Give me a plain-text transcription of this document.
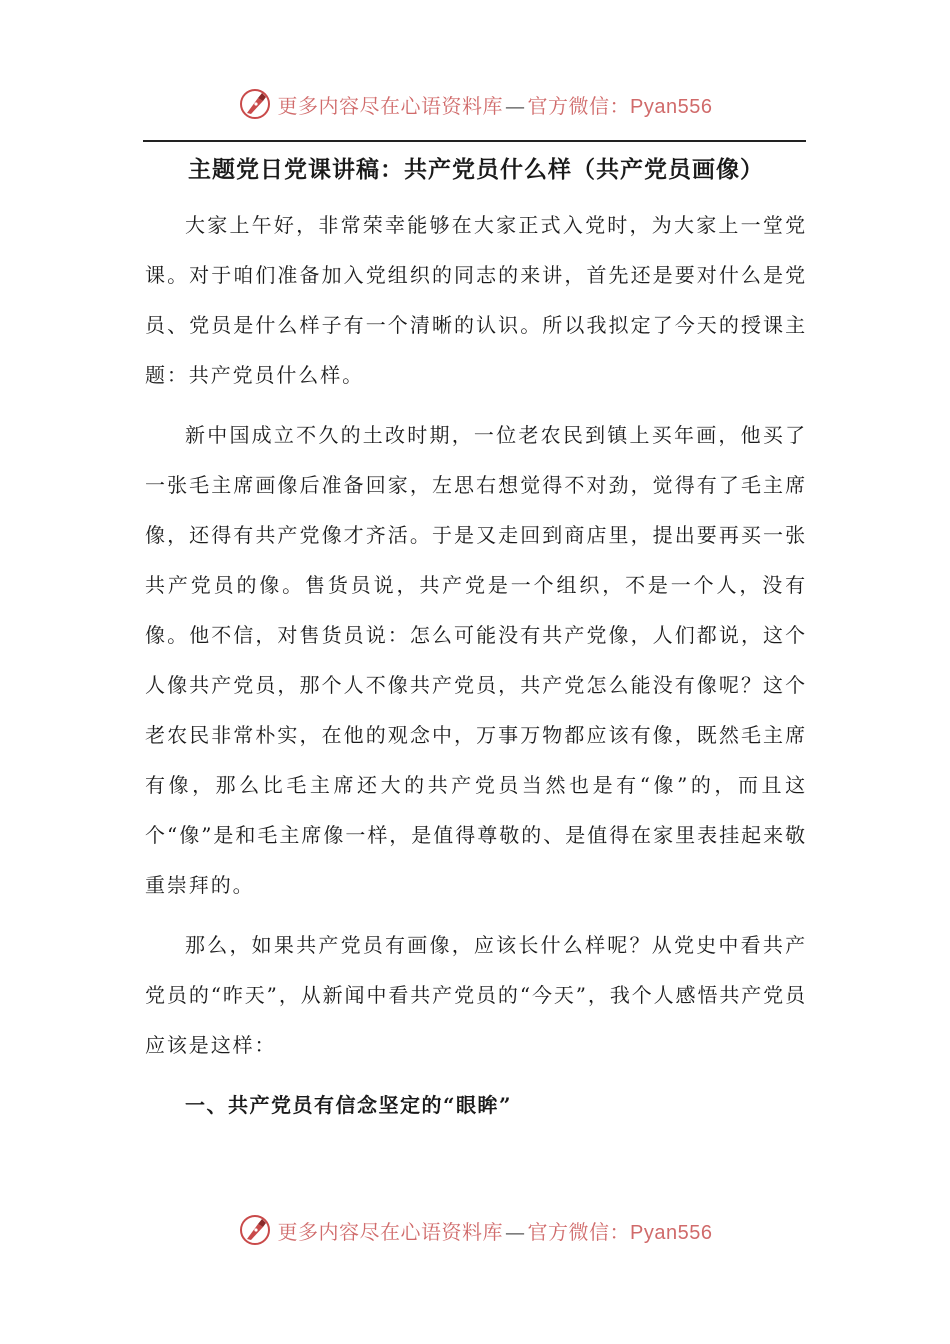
更多内容尽在心语资料库 — 官方微信：Pyan556
主题党日党课讲稿：共产党员什么样（共产党员画像）

大家上午好，非常荣幸能够在大家正式入党时，为大家上一堂党课。对于咱们准备加入党组织的同志的来讲，首先还是要对什么是党员、党员是什么样子有一个清晰的认识。所以我拟定了今天的授课主题：共产党员什么样。

新中国成立不久的土改时期，一位老农民到镇上买年画，他买了一张毛主席画像后准备回家，左思右想觉得不对劲，觉得有了毛主席像，还得有共产党像才齐活。于是又走回到商店里，提出要再买一张共产党员的像。售货员说，共产党是一个组织，不是一个人，没有像。他不信，对售货员说：怎么可能没有共产党像，人们都说，这个人像共产党员，那个人不像共产党员，共产党怎么能没有像呢？这个老农民非常朴实，在他的观念中，万事万物都应该有像，既然毛主席有像，那么比毛主席还大的共产党员当然也是有“像”的，而且这个“像”是和毛主席像一样，是值得尊敬的、是值得在家里表挂起来敬重崇拜的。

那么，如果共产党员有画像，应该长什么样呢？从党史中看共产党员的“昨天”，从新闻中看共产党员的“今天”，我个人感悟共产党员应该是这样：

一、共产党员有信念坚定的“眼眸”

更多内容尽在心语资料库 — 官方微信：Pyan556
